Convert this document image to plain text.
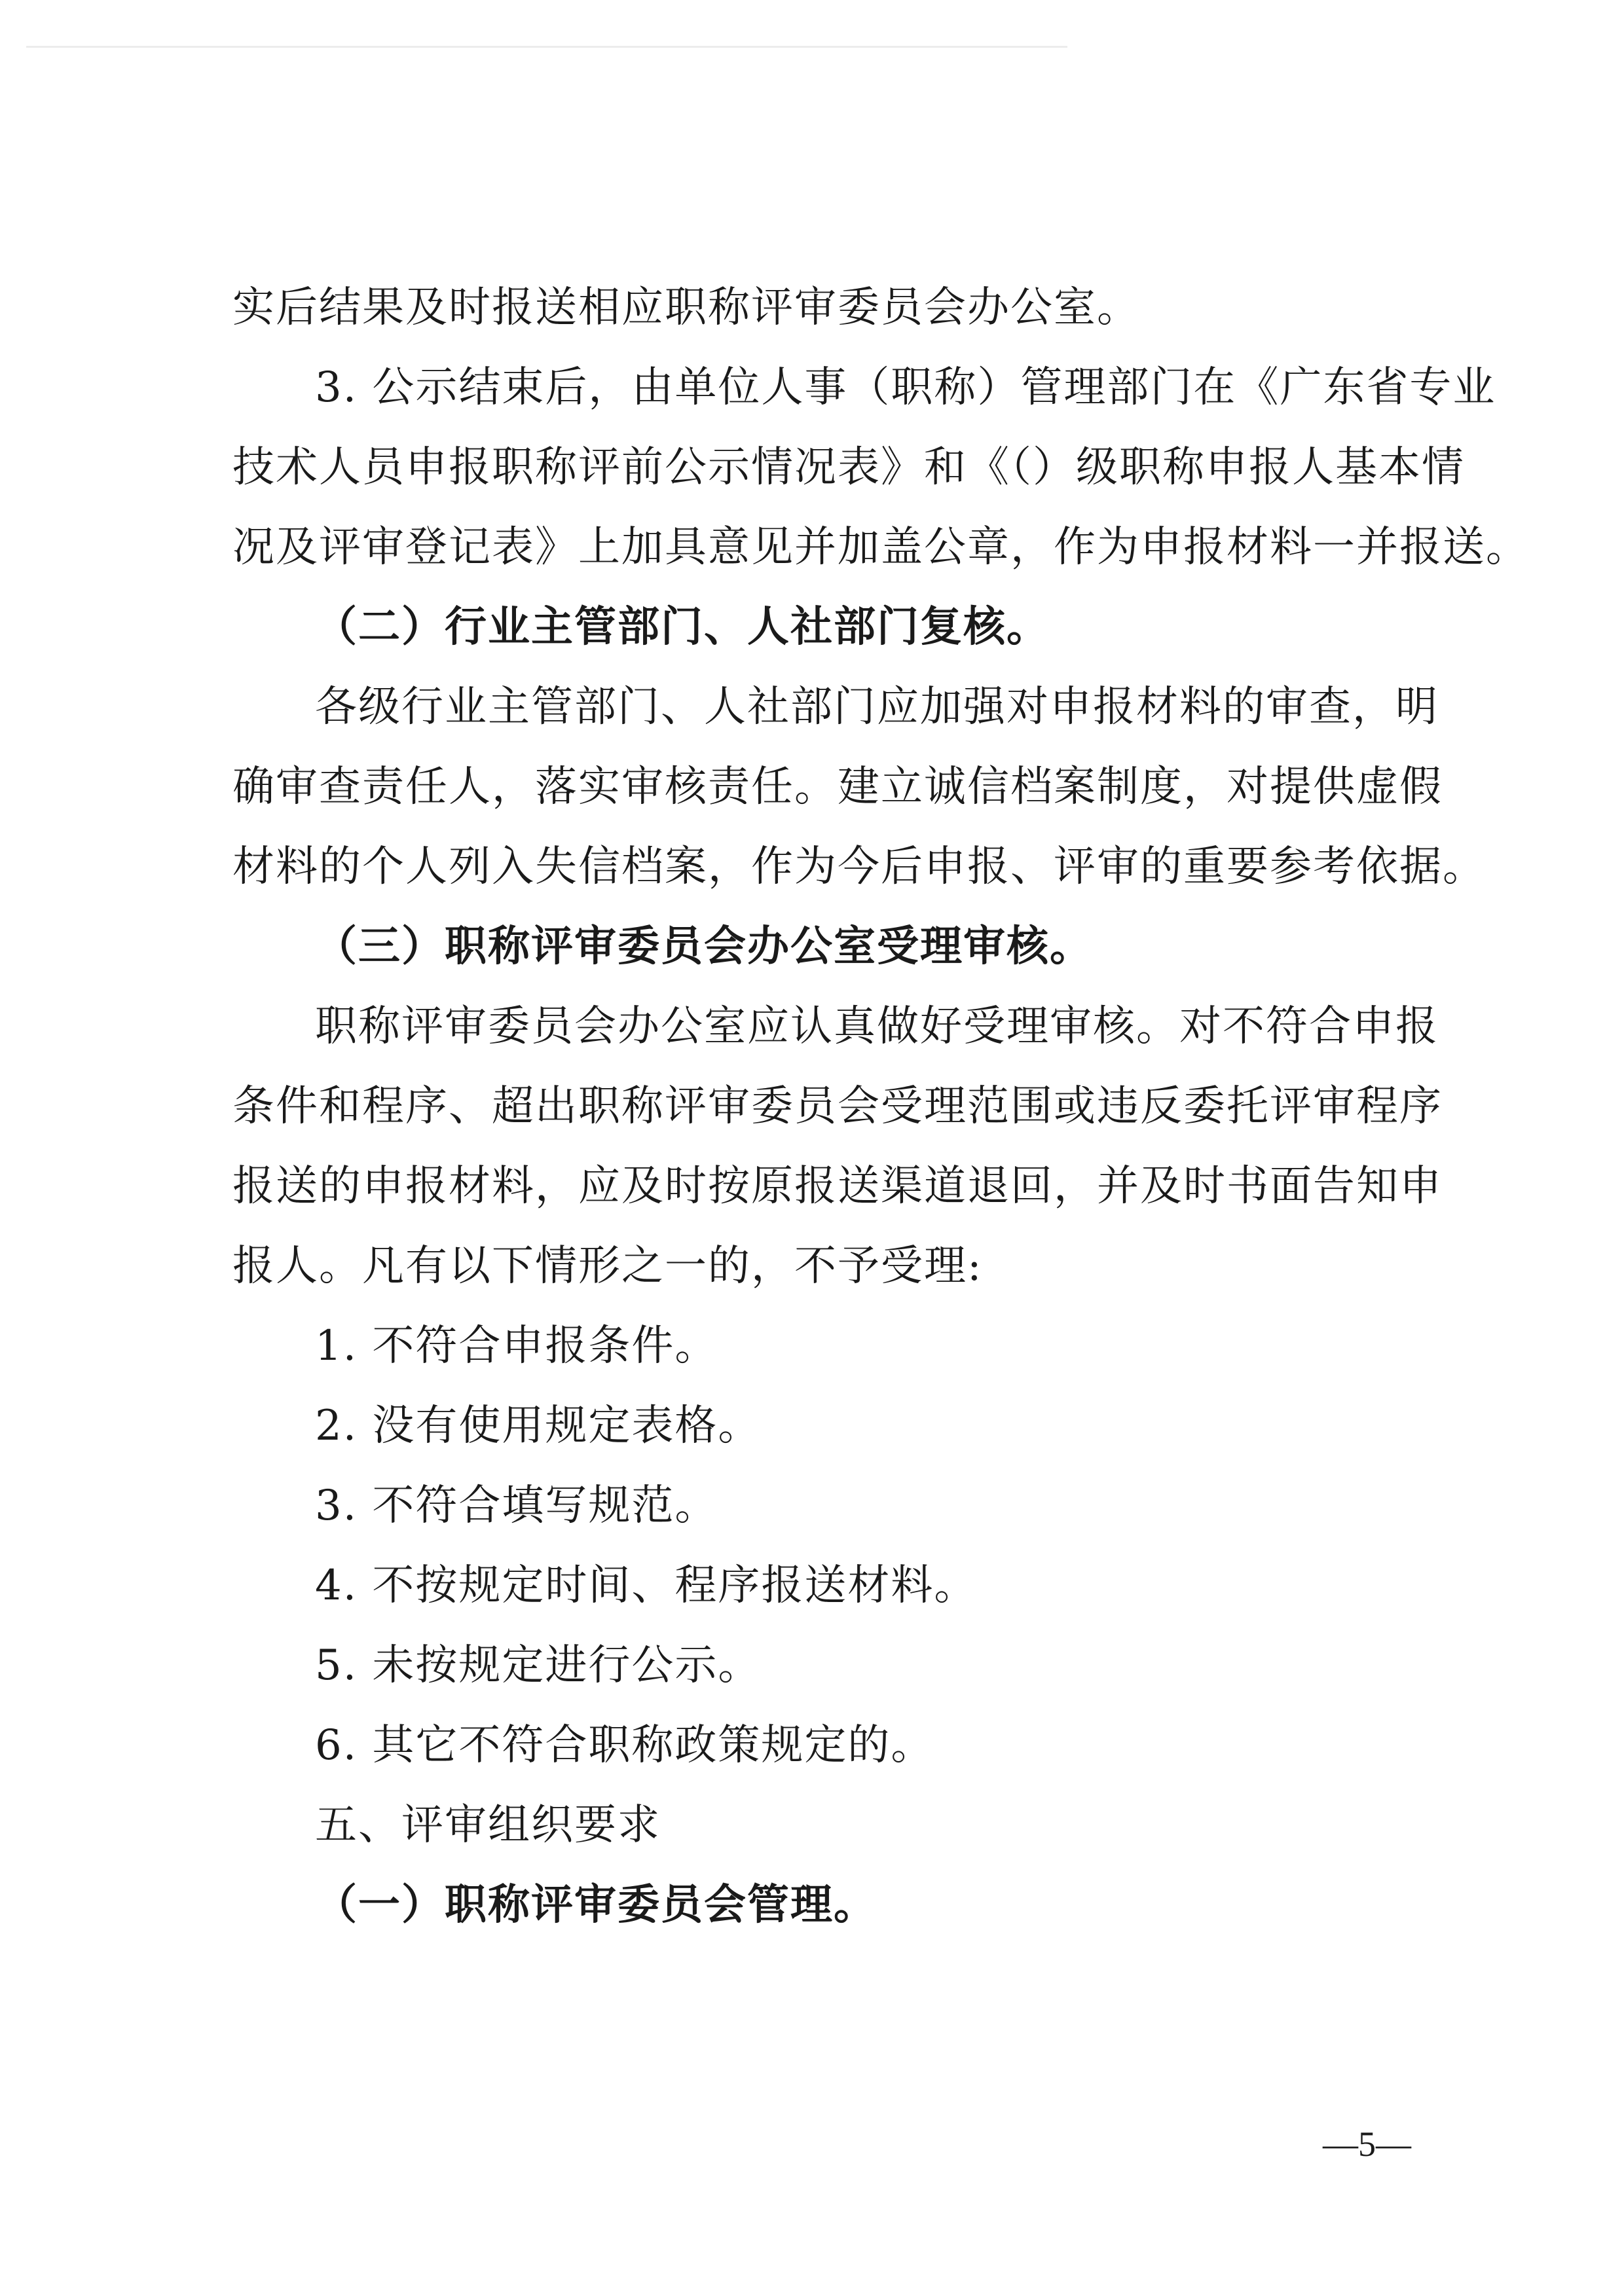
实后结果及时报送相应职称评审委员会办公室。
3. 公示结束后，由单位人事（职称）管理部门在《广东省专业
技术人员申报职称评前公示情况表》和《（）级职称申报人基本情
况及评审登记表》上加具意见并加盖公章，作为申报材料一并报送。
（二）行业主管部门、人社部门复核。
各级行业主管部门、人社部门应加强对申报材料的审查，明
确审查责任人，落实审核责任。建立诚信档案制度，对提供虚假
材料的个人列入失信档案，作为今后申报、评审的重要参考依据。
（三）职称评审委员会办公室受理审核。
职称评审委员会办公室应认真做好受理审核。对不符合申报
条件和程序、超出职称评审委员会受理范围或违反委托评审程序
报送的申报材料，应及时按原报送渠道退回，并及时书面告知申
报人。凡有以下情形之一的，不予受理:
1. 不符合申报条件。
2. 没有使用规定表格。
3. 不符合填写规范。
4. 不按规定时间、程序报送材料。
5. 未按规定进行公示。
6. 其它不符合职称政策规定的。
五、评审组织要求
（一）职称评审委员会管理。
—5—
